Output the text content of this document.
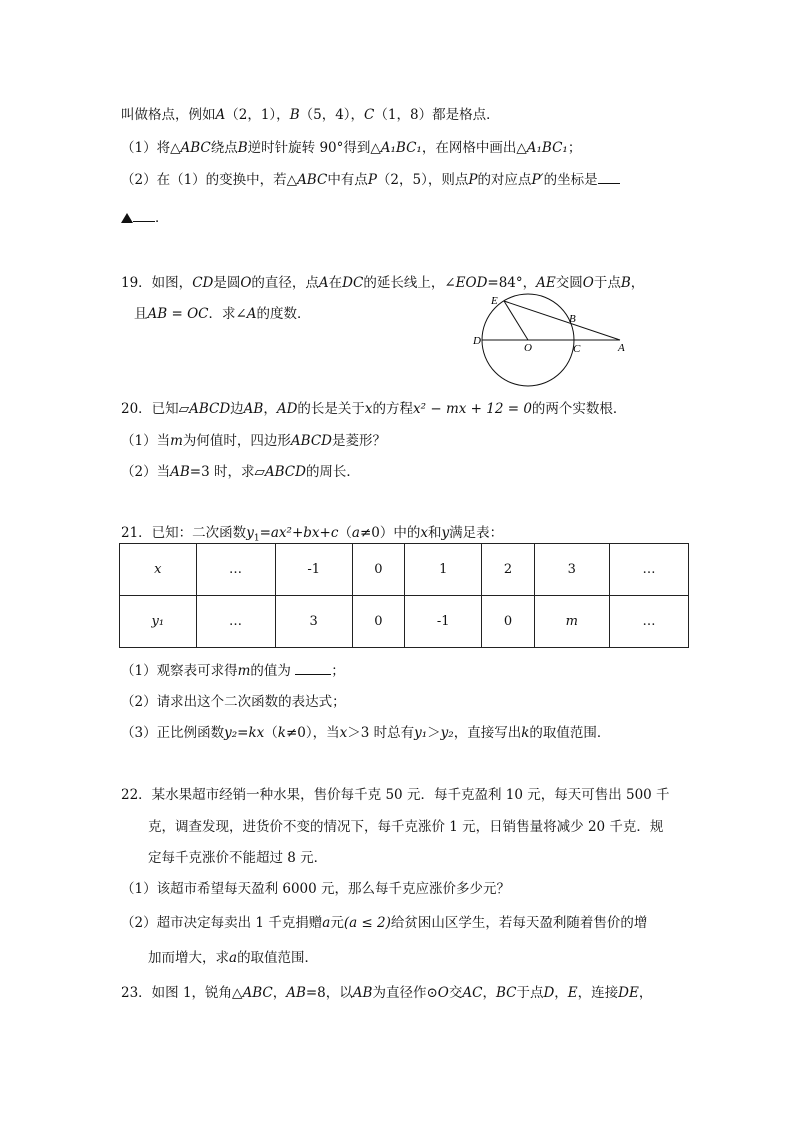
叫做格点，例如A（2，1），B（5，4），C（1，8）都是格点．
（1）将△ABC绕点B逆时针旋转 90°得到△A₁BC₁，在网格中画出△A₁BC₁；
（2）在（1）的变换中，若△ABC中有点P（2，5），则点P的对应点P′的坐标是
．
19．如图，CD是圆O的直径，点A在DC的延长线上，∠EOD=84°，AE交圆O于点B，
且AB = OC．求∠A的度数．
E
B
D
O	C	A
20．已知▱ABCD边AB，AD的长是关于x的方程x² − mx + 12 = 0的两个实数根．
（1）当m为何值时，四边形ABCD是菱形？
（2）当AB=3 时，求▱ABCD的周长．
21．已知：二次函数$y_1=ax^2+bx+c(a\ne 0)$中的x和y满足表：
x	…	-1	0	1	2	3	…
y₁	…	3	0	-1	0	m	…
（1）观察表可求得m的值为	；
（2）请求出这个二次函数的表达式；
（3）正比例函数y₂=kx（k≠0），当x＞3 时总有y₁＞y₂，直接写出k的取值范围．
22．某水果超市经销一种水果，售价每千克 50 元．每千克盈利 10 元，每天可售出 500 千
克，调查发现，进货价不变的情况下，每千克涨价 1 元，日销售量将减少 20 千克．规
定每千克涨价不能超过 8 元．
（1）该超市希望每天盈利 6000 元，那么每千克应涨价多少元？
（2）超市决定每卖出 1 千克捐赠a元(a ≤ 2)给贫困山区学生，若每天盈利随着售价的增
加而增大，求a的取值范围．
23．如图 1，锐角△ABC，AB=8，以AB为直径作⊙O交AC，BC于点D，E，连接DE，
